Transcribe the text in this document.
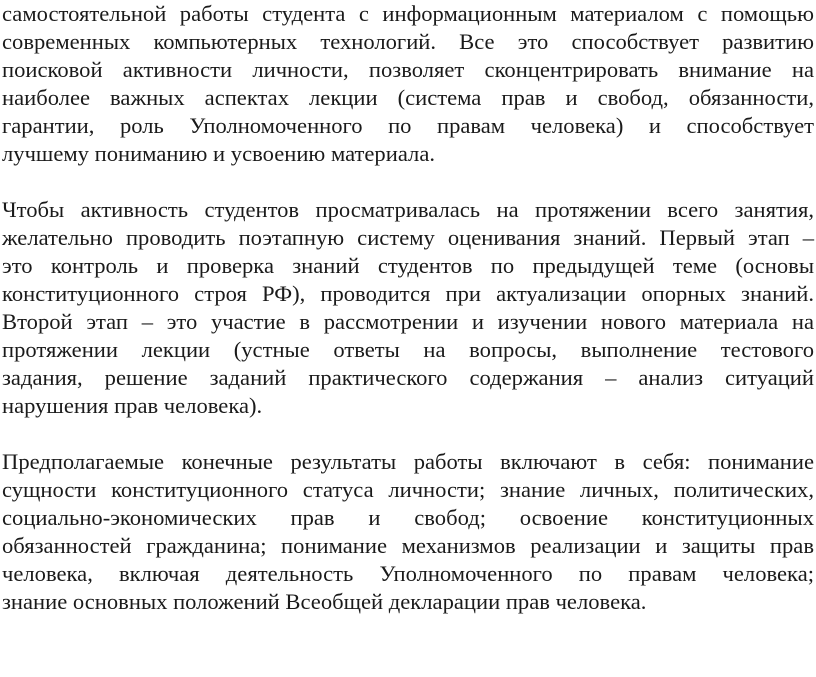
самостоятельной работы студента с информационным материалом с помощью
современных компьютерных технологий. Все это способствует развитию
поисковой активности личности, позволяет сконцентрировать внимание на
наиболее важных аспектах лекции (система прав и свобод, обязанности,
гарантии, роль Уполномоченного по правам человека) и способствует
лучшему пониманию и усвоению материала.

Чтобы активность студентов просматривалась на протяжении всего занятия,
желательно проводить поэтапную систему оценивания знаний. Первый этап –
это контроль и проверка знаний студентов по предыдущей теме (основы
конституционного строя РФ), проводится при актуализации опорных знаний.
Второй этап – это участие в рассмотрении и изучении нового материала на
протяжении лекции (устные ответы на вопросы, выполнение тестового
задания, решение заданий практического содержания – анализ ситуаций
нарушения прав человека).

Предполагаемые конечные результаты работы включают в себя: понимание
сущности конституционного статуса личности; знание личных, политических,
социально-экономических прав и свобод; освоение конституционных
обязанностей гражданина; понимание механизмов реализации и защиты прав
человека, включая деятельность Уполномоченного по правам человека;
знание основных положений Всеобщей декларации прав человека.
